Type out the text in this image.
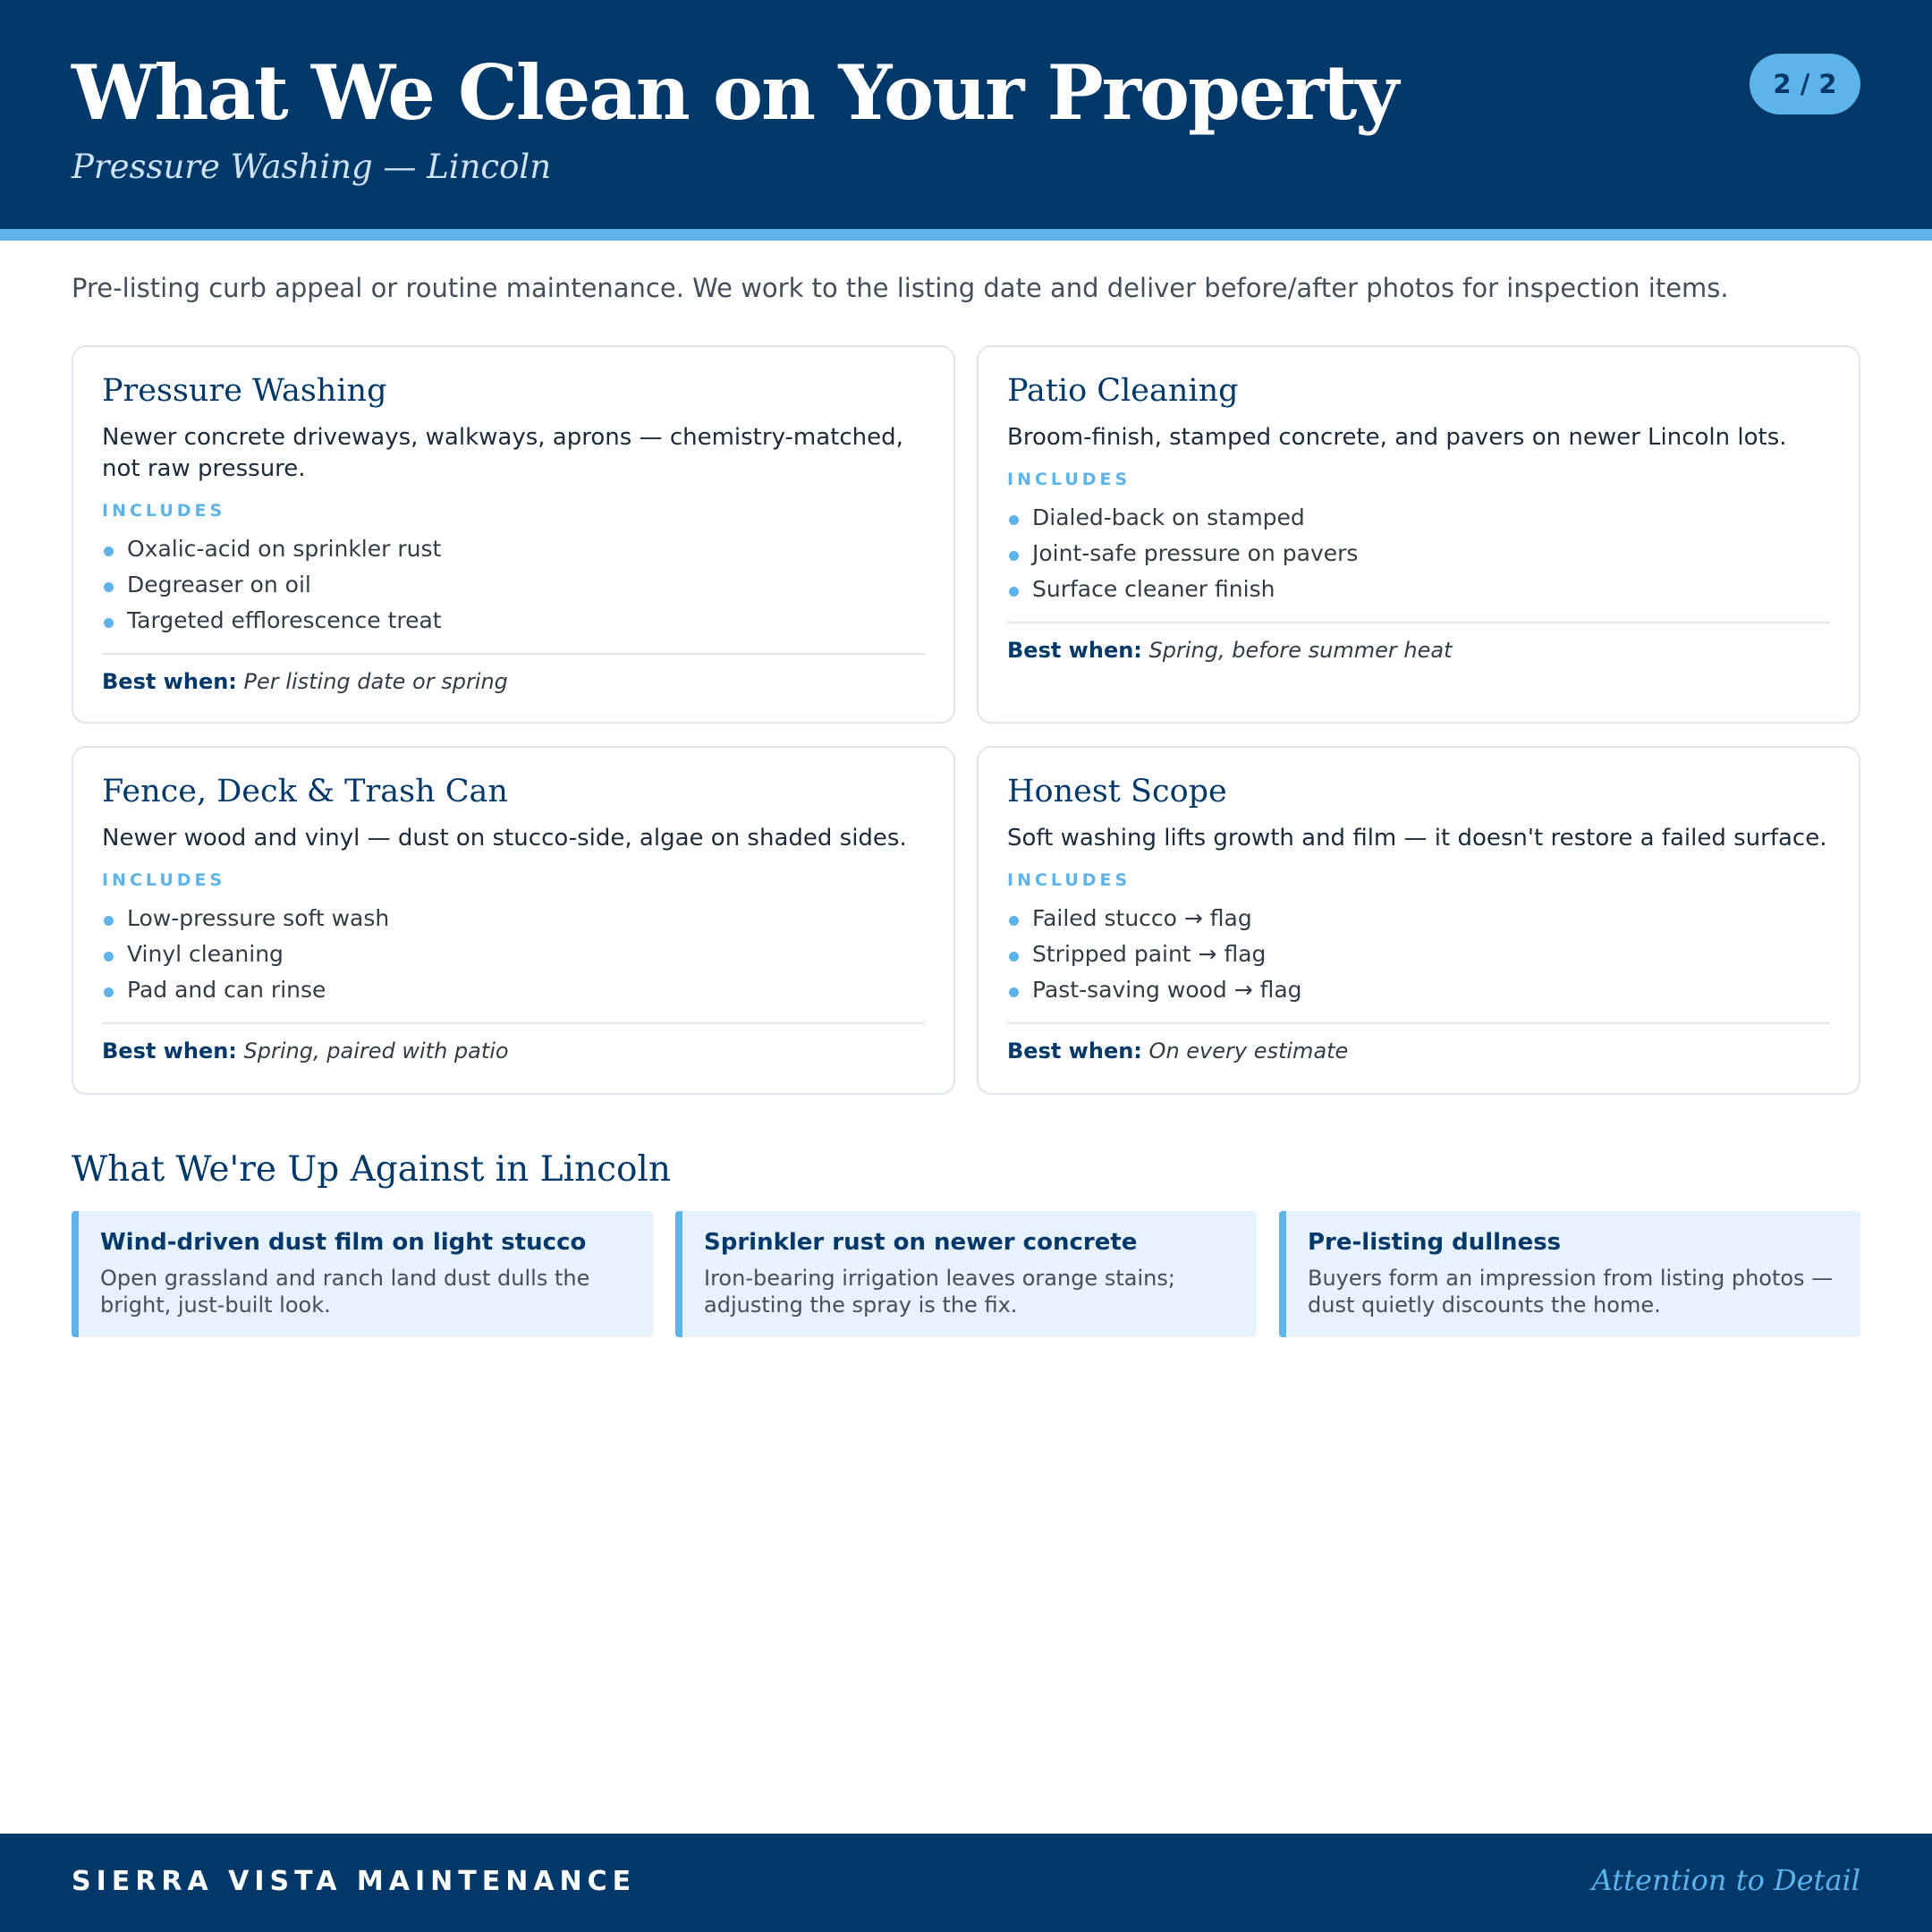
What We Clean on Your Property
Pressure Washing — Lincoln
2 / 2
Pre-listing curb appeal or routine maintenance. We work to the listing date and deliver before/after photos for inspection items.
Pressure Washing
Newer concrete driveways, walkways, aprons — chemistry-matched, not raw pressure.
INCLUDES
Oxalic-acid on sprinkler rust
Degreaser on oil
Targeted efflorescence treat
Best when: Per listing date or spring
Patio Cleaning
Broom-finish, stamped concrete, and pavers on newer Lincoln lots.
INCLUDES
Dialed-back on stamped
Joint-safe pressure on pavers
Surface cleaner finish
Best when: Spring, before summer heat
Fence, Deck & Trash Can
Newer wood and vinyl — dust on stucco-side, algae on shaded sides.
INCLUDES
Low-pressure soft wash
Vinyl cleaning
Pad and can rinse
Best when: Spring, paired with patio
Honest Scope
Soft washing lifts growth and film — it doesn't restore a failed surface.
INCLUDES
Failed stucco → flag
Stripped paint → flag
Past-saving wood → flag
Best when: On every estimate
What We're Up Against in Lincoln
Wind-driven dust film on light stucco
Open grassland and ranch land dust dulls the bright, just-built look.
Sprinkler rust on newer concrete
Iron-bearing irrigation leaves orange stains; adjusting the spray is the fix.
Pre-listing dullness
Buyers form an impression from listing photos — dust quietly discounts the home.
SIERRA VISTA MAINTENANCE	Attention to Detail
